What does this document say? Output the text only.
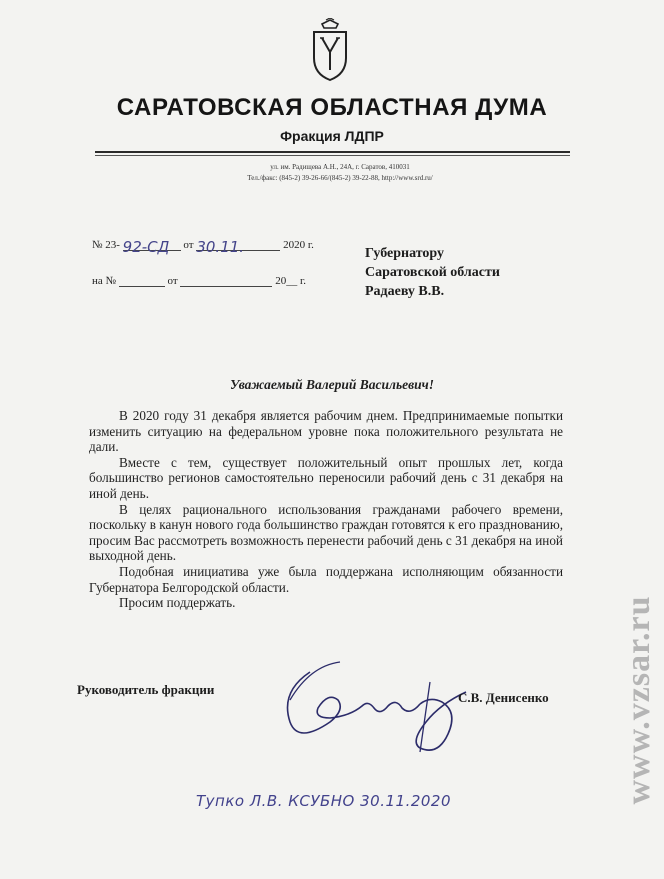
САРАТОВСКАЯ ОБЛАСТНАЯ ДУМА
Фракция ЛДПР
ул. им. Радищева А.Н., 24А, г. Саратов, 410031
Тел./факс: (845-2) 39-26-66/(845-2) 39-22-88, http://www.srd.ru/
№ 23- 92-СД от 30.11.	2020 г.
на №	от	20__ г.
Губернатору
Саратовской области
Радаеву В.В.
Уважаемый Валерий Васильевич!

В 2020 году 31 декабря является рабочим днем. Предпринимаемые попытки изменить ситуацию на федеральном уровне пока положительного результата не дали.

Вместе с тем, существует положительный опыт прошлых лет, когда большинство регионов самостоятельно переносили рабочий день с 31 декабря на иной день.

В целях рационального использования гражданами рабочего времени, поскольку в канун нового года большинство граждан готовятся к его празднованию, просим Вас рассмотреть возможность перенести рабочий день с 31 декабря на иной выходной день.

Подобная инициатива уже была поддержана исполняющим обязанности Губернатора Белгородской области.

Просим поддержать.

Руководитель фракции
С.В. Денисенко
Тупко Л.В. КСУБНО 30.11.2020	www.vzsar.ru
